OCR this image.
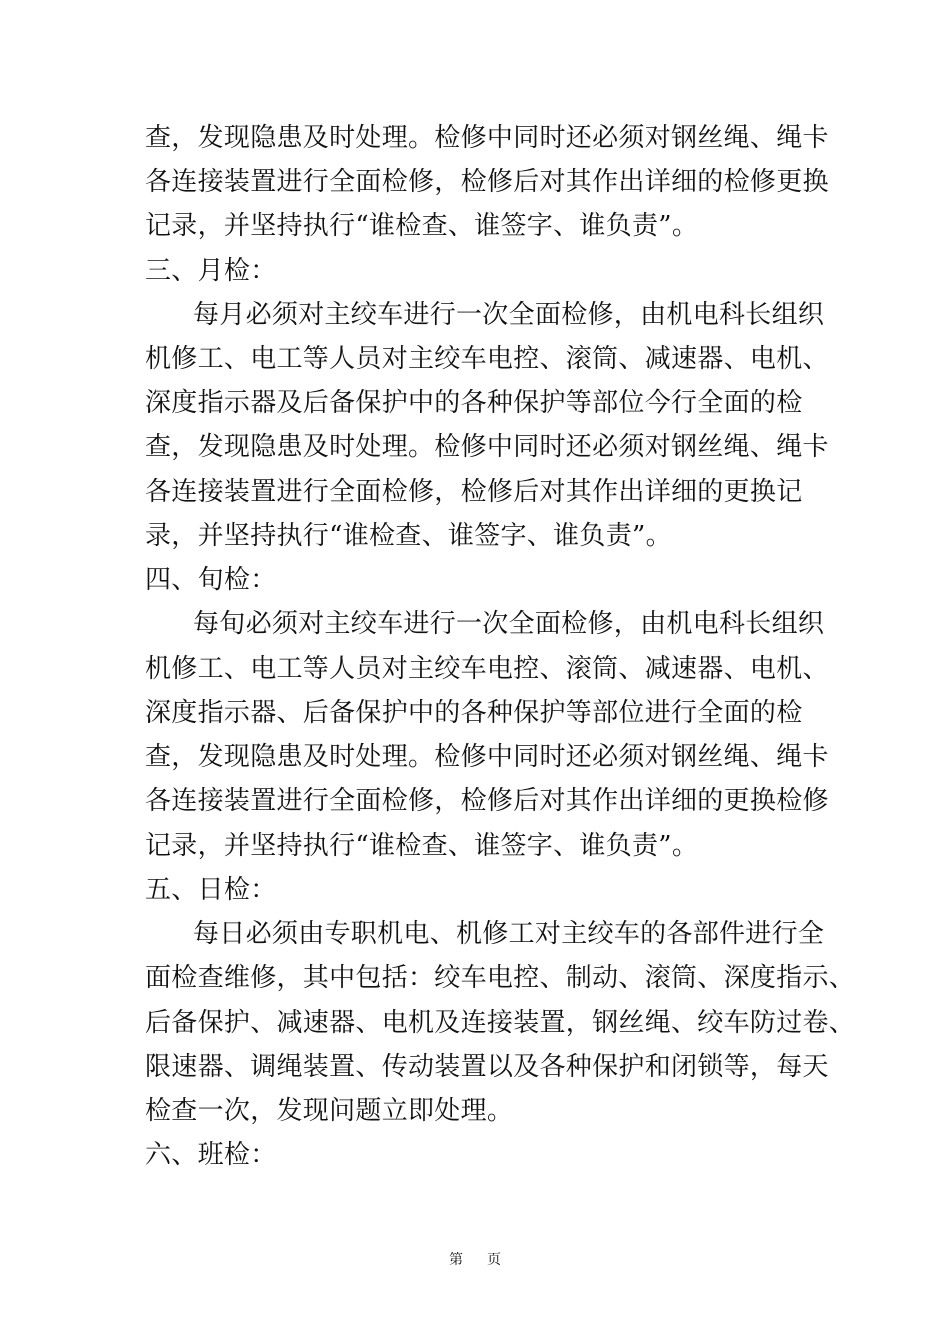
查，发现隐患及时处理。检修中同时还必须对钢丝绳、绳卡
各连接装置进行全面检修，检修后对其作出详细的检修更换
记录，并坚持执行“谁检查、谁签字、谁负责”。
三、月检：
每月必须对主绞车进行一次全面检修，由机电科长组织
机修工、电工等人员对主绞车电控、滚筒、减速器、电机、
深度指示器及后备保护中的各种保护等部位今行全面的检
查，发现隐患及时处理。检修中同时还必须对钢丝绳、绳卡
各连接装置进行全面检修，检修后对其作出详细的更换记
录，并坚持执行“谁检查、谁签字、谁负责”。
四、旬检：
每旬必须对主绞车进行一次全面检修，由机电科长组织
机修工、电工等人员对主绞车电控、滚筒、减速器、电机、
深度指示器、后备保护中的各种保护等部位进行全面的检
查，发现隐患及时处理。检修中同时还必须对钢丝绳、绳卡
各连接装置进行全面检修，检修后对其作出详细的更换检修
记录，并坚持执行“谁检查、谁签字、谁负责”。
五、日检：
每日必须由专职机电、机修工对主绞车的各部件进行全
面检查维修，其中包括：绞车电控、制动、滚筒、深度指示、
后备保护、减速器、电机及连接装置，钢丝绳、绞车防过卷、
限速器、调绳装置、传动装置以及各种保护和闭锁等，每天
检查一次，发现问题立即处理。
六、班检：
第 页
